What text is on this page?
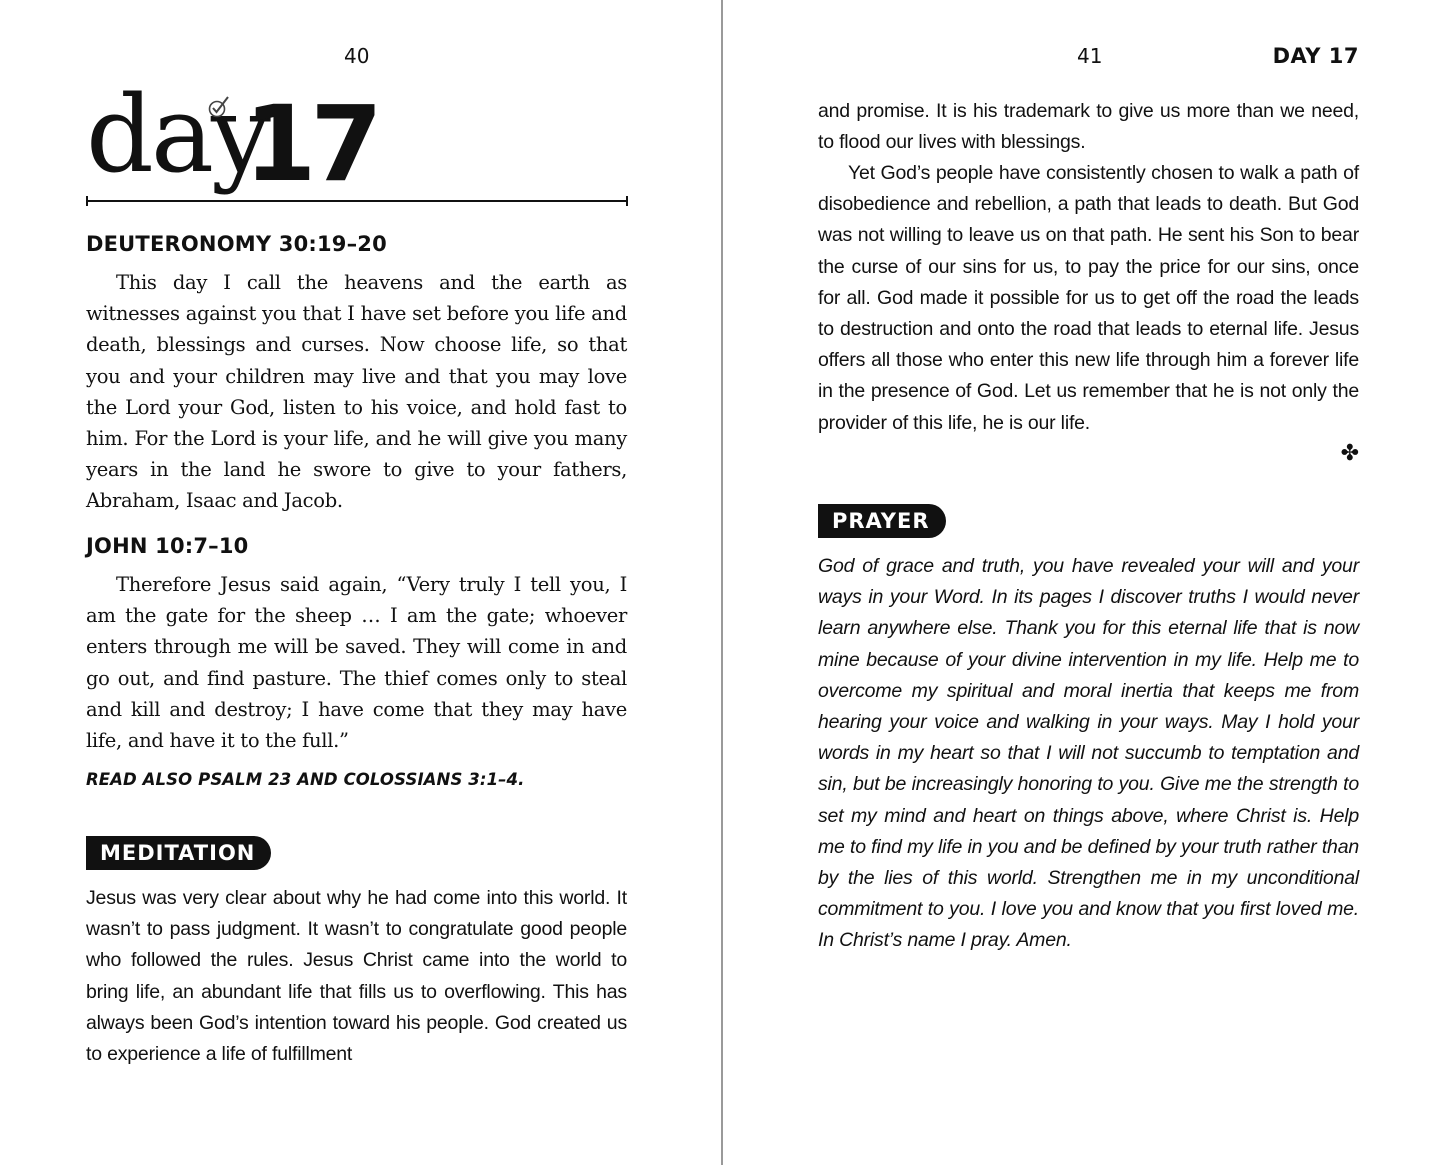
40
day
17
DEUTERONOMY 30:19–20

This day I call the heavens and the earth as witnesses against you that I have set before you life and death, blessings and curses. Now choose life, so that you and your children may live and that you may love the Lord your God, listen to his voice, and hold fast to him. For the Lord is your life, and he will give you many years in the land he swore to give to your fathers, Abraham, Isaac and Jacob.

JOHN 10:7–10

Therefore Jesus said again, “Very truly I tell you, I am the gate for the sheep … I am the gate; whoever enters through me will be saved. They will come in and go out, and find pasture. The thief comes only to steal and kill and destroy; I have come that they may have life, and have it to the full.”

READ ALSO PSALM 23 AND COLOSSIANS 3:1–4.
MEDITATION

Jesus was very clear about why he had come into this world. It wasn’t to pass judgment. It wasn’t to congratulate good people who followed the rules. Jesus Christ came into the world to bring life, an abundant life that fills us to overflowing. This has always been God’s intention toward his people. God created us to experience a life of fulfillment

41	DAY 17

and promise. It is his trademark to give us more than we need, to flood our lives with blessings.

Yet God’s people have consistently chosen to walk a path of disobedience and rebellion, a path that leads to death. But God was not willing to leave us on that path. He sent his Son to bear the curse of our sins for us, to pay the price for our sins, once for all. God made it possible for us to get off the road the leads to destruction and onto the road that leads to eternal life. Jesus offers all those who enter this new life through him a forever life in the presence of God. Let us remember that he is not only the provider of this life, he is our life.

✤
PRAYER

God of grace and truth, you have revealed your will and your ways in your Word. In its pages I discover truths I would never learn anywhere else. Thank you for this eternal life that is now mine because of your divine intervention in my life. Help me to overcome my spiritual and moral inertia that keeps me from hearing your voice and walking in your ways. May I hold your words in my heart so that I will not succumb to temptation and sin, but be increasingly honoring to you. Give me the strength to set my mind and heart on things above, where Christ is. Help me to find my life in you and be defined by your truth rather than by the lies of this world. Strengthen me in my unconditional commitment to you. I love you and know that you first loved me. In Christ’s name I pray. Amen.
